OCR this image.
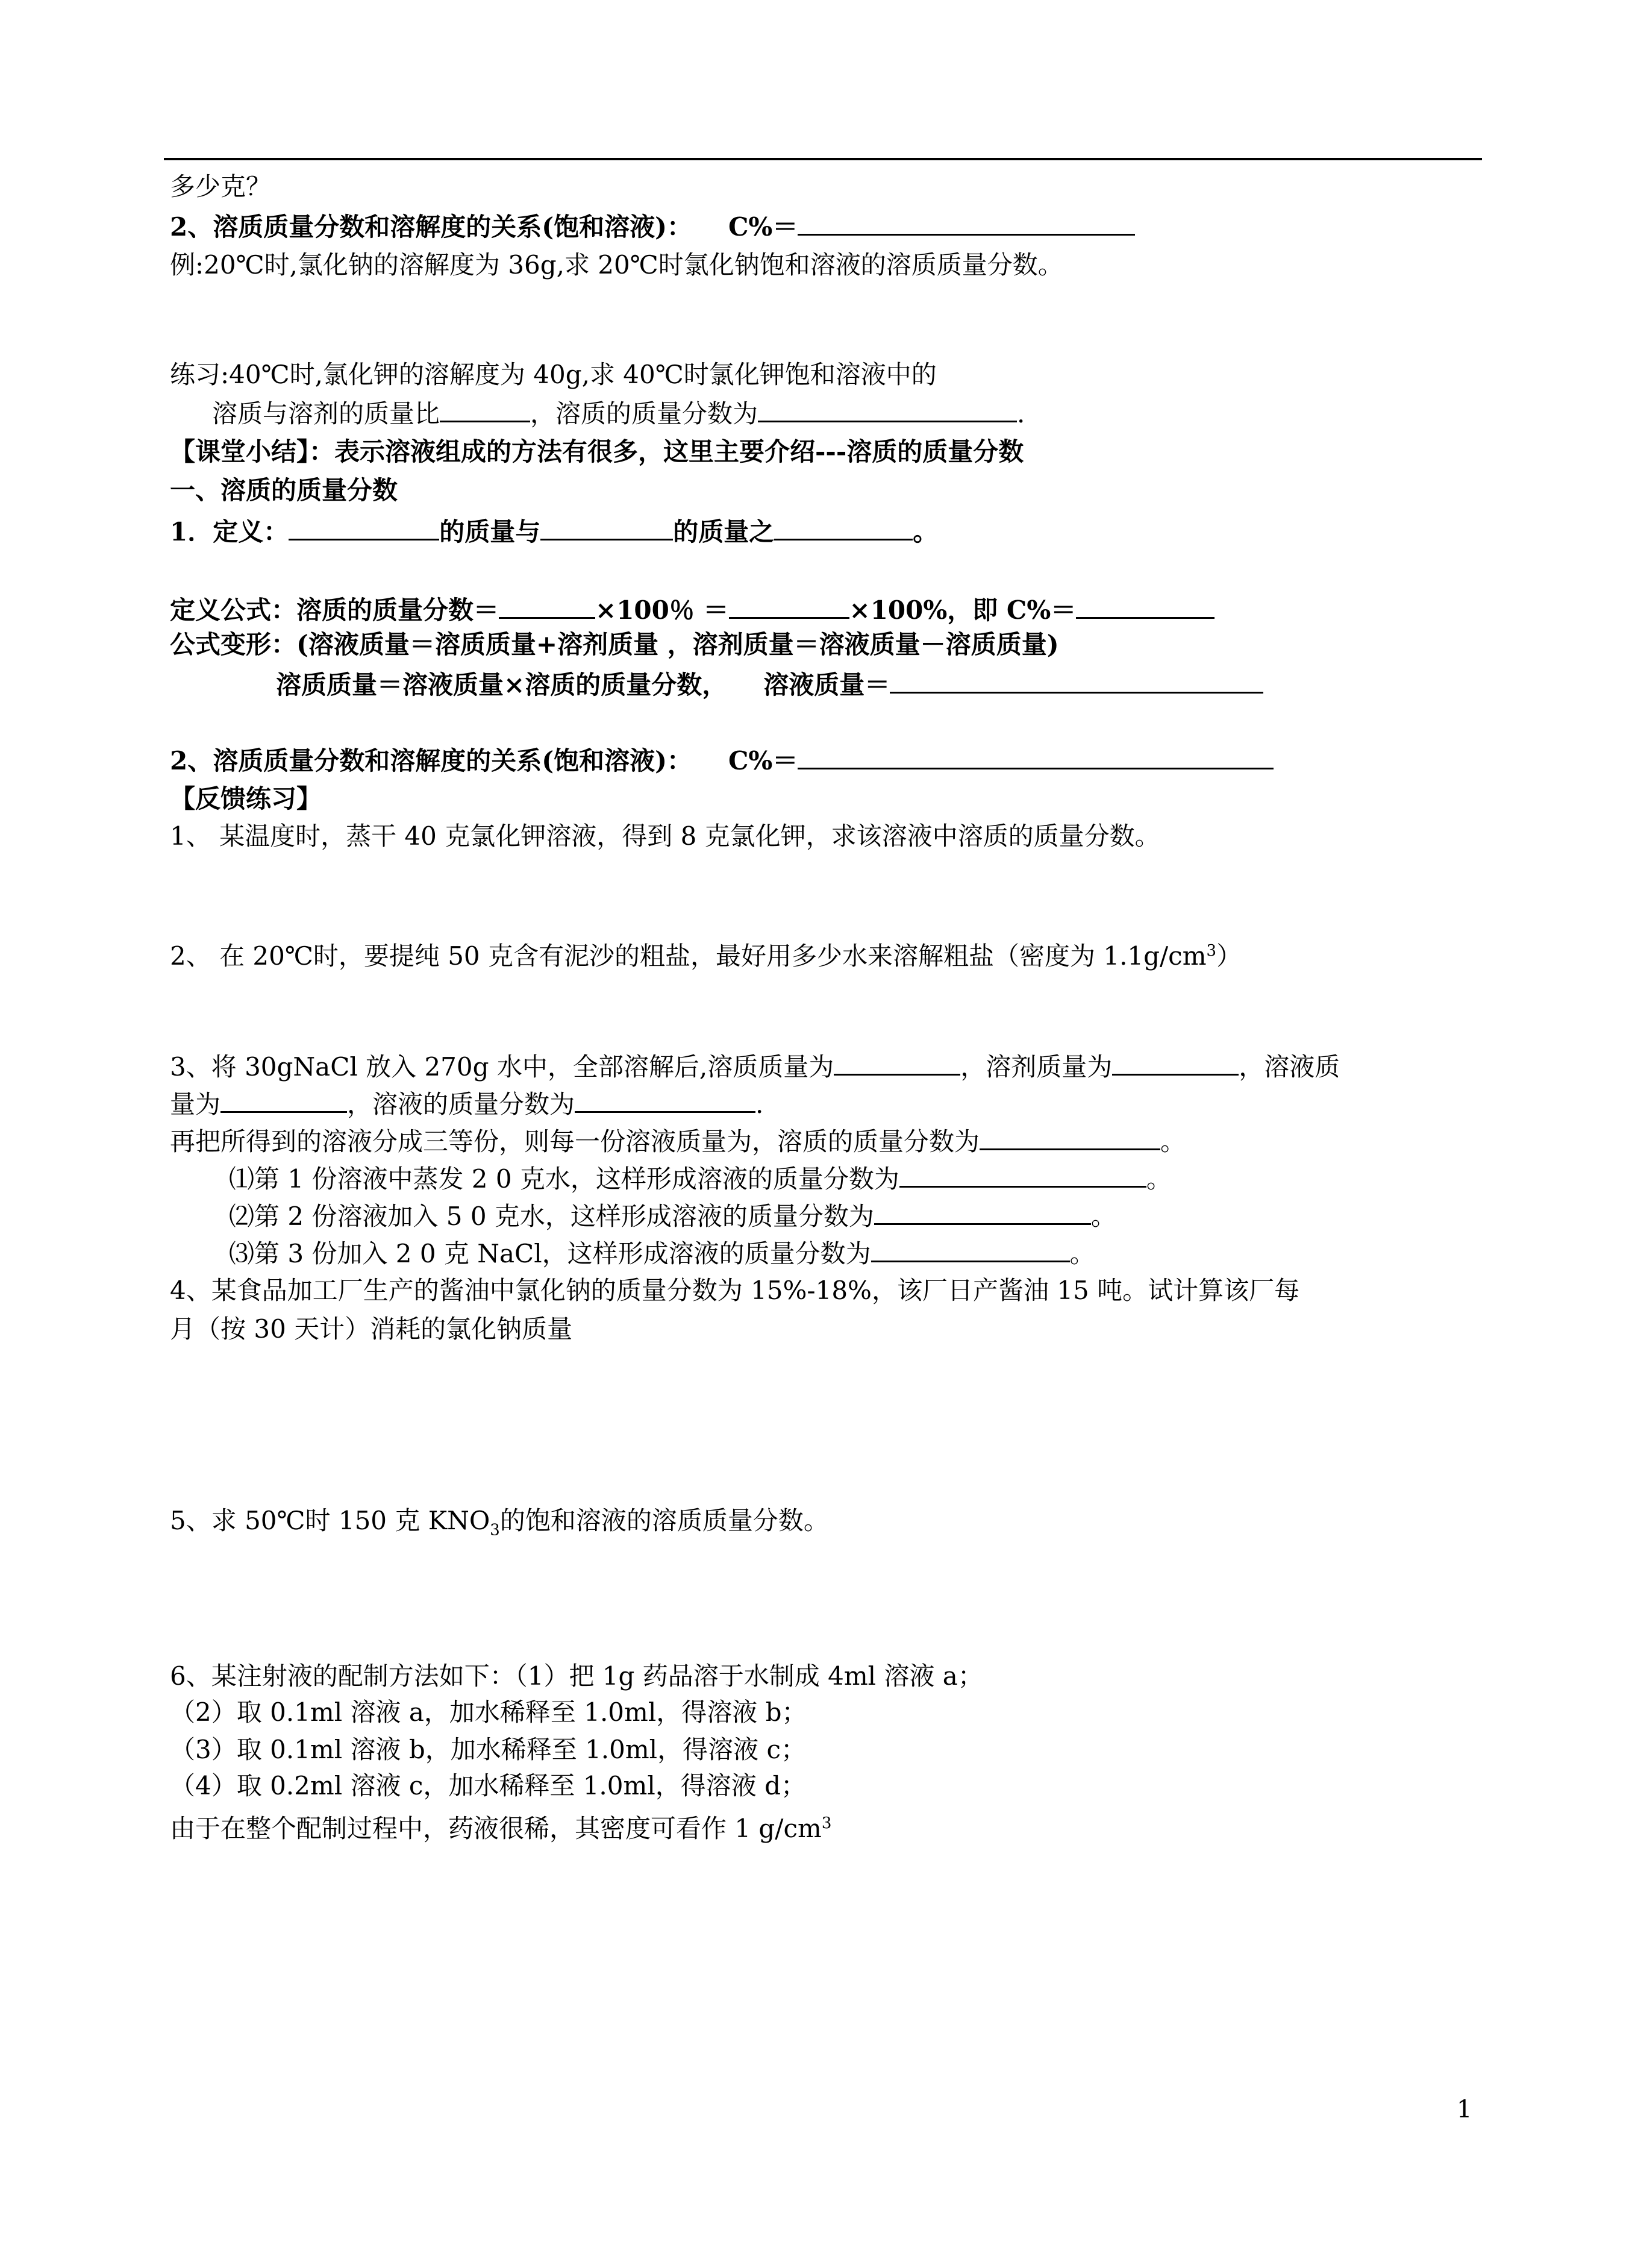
多少克？
2、溶质质量分数和溶解度的关系(饱和溶液)： C%＝
例:20℃时,氯化钠的溶解度为 36g,求 20℃时氯化钠饱和溶液的溶质质量分数。
练习:40℃时,氯化钾的溶解度为 40g,求 40℃时氯化钾饱和溶液中的
溶质与溶剂的质量比	，溶质的质量分数为	.
【课堂小结】：表示溶液组成的方法有很多，这里主要介绍---溶质的质量分数
一、溶质的质量分数
1．定义：	的质量与	的质量之	。
定义公式：溶质的质量分数＝	×100％ ＝	×100%，即 C%＝
公式变形：(溶液质量＝溶质质量+溶剂质量 ，溶剂质量＝溶液质量－溶质质量)
溶质质量＝溶液质量×溶质的质量分数， 溶液质量＝
2、溶质质量分数和溶解度的关系(饱和溶液)： C%＝
【反馈练习】
1、 某温度时，蒸干 40 克氯化钾溶液，得到 8 克氯化钾，求该溶液中溶质的质量分数。
2、 在 20℃时，要提纯 50 克含有泥沙的粗盐，最好用多少水来溶解粗盐（密度为 $1.1g/cm^3$）
3、将 30gNaCl 放入 270g 水中，全部溶解后,溶质质量为	，溶剂质量为	，溶液质
量为	，溶液的质量分数为	.
再把所得到的溶液分成三等份，则每一份溶液质量为，溶质的质量分数为	。
⑴第 1 份溶液中蒸发 2 0 克水，这样形成溶液的质量分数为	。
⑵第 2 份溶液加入 5 0 克水，这样形成溶液的质量分数为	。
⑶第 3 份加入 2 0 克 NaCl，这样形成溶液的质量分数为	。
4、某食品加工厂生产的酱油中氯化钠的质量分数为 15%-18%，该厂日产酱油 15 吨。试计算该厂每
月（按 30 天计）消耗的氯化钠质量
5、求 50℃时 150 克 $KNO_3$的饱和溶液的溶质质量分数。
6、某注射液的配制方法如下：（1）把 1g 药品溶于水制成 4ml 溶液 a；
（2）取 0.1ml 溶液 a，加水稀释至 1.0ml，得溶液 b；
（3）取 0.1ml 溶液 b，加水稀释至 1.0ml，得溶液 c；
（4）取 0.2ml 溶液 c，加水稀释至 1.0ml，得溶液 d；
由于在整个配制过程中，药液很稀，其密度可看作 1 $g/cm^3$
1
